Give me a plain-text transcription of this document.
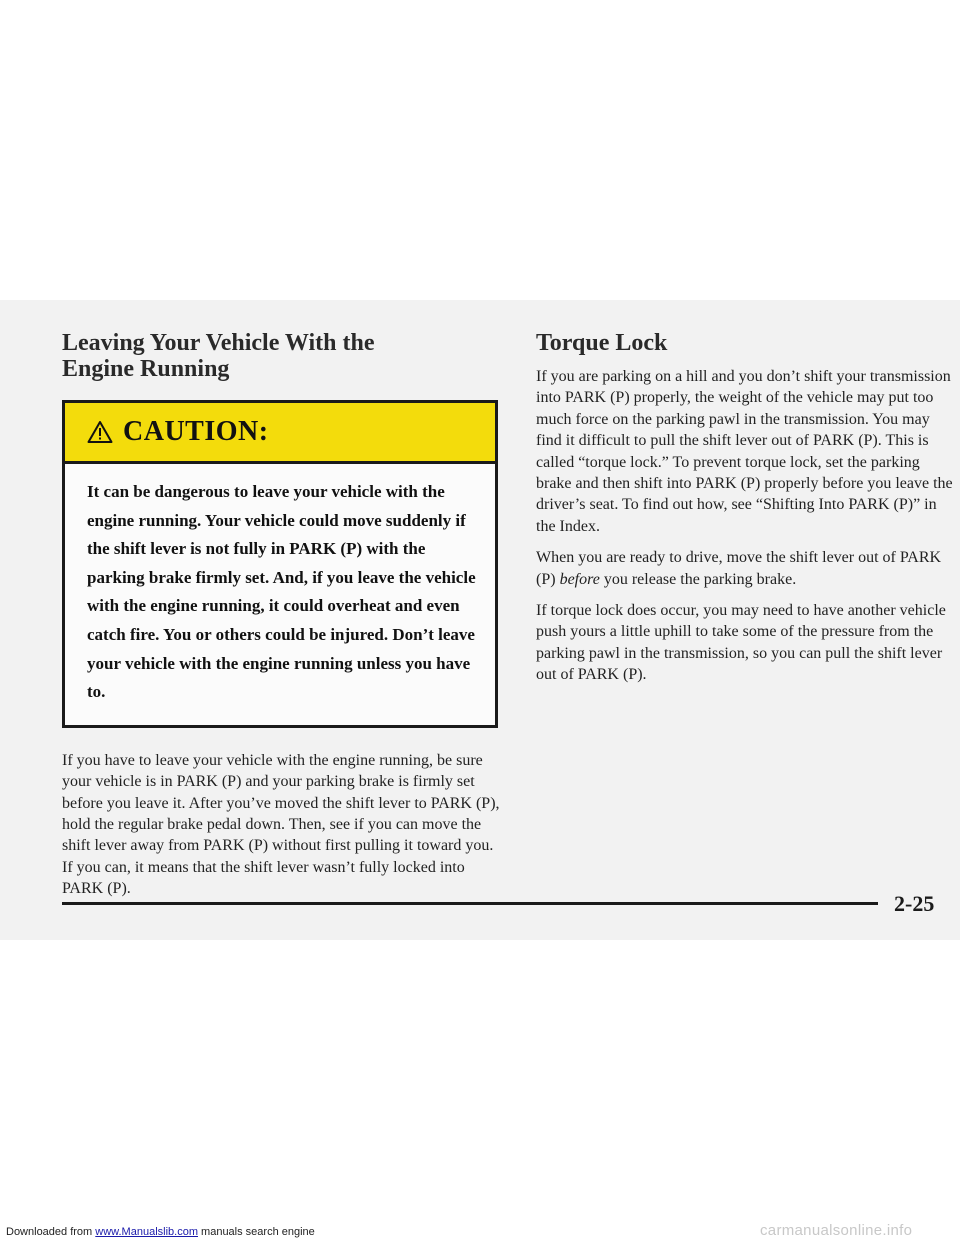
Leaving Your Vehicle With the
Engine Running
CAUTION:
It can be dangerous to leave your vehicle with the engine running. Your vehicle could move suddenly if the shift lever is not fully in PARK (P) with the parking brake firmly set. And, if you leave the vehicle with the engine running, it could overheat and even catch fire. You or others could be injured. Don’t leave your vehicle with the engine running unless you have to.

If you have to leave your vehicle with the engine running, be sure your vehicle is in PARK (P) and your parking brake is firmly set before you leave it. After you’ve moved the shift lever to PARK (P), hold the regular brake pedal down. Then, see if you can move the shift lever away from PARK (P) without first pulling it toward you. If you can, it means that the shift lever wasn’t fully locked into PARK (P).

Torque Lock

If you are parking on a hill and you don’t shift your transmission into PARK (P) properly, the weight of the vehicle may put too much force on the parking pawl in the transmission. You may find it difficult to pull the shift lever out of PARK (P). This is called “torque lock.” To prevent torque lock, set the parking brake and then shift into PARK (P) properly before you leave the driver’s seat. To find out how, see “Shifting Into PARK (P)” in the Index.

When you are ready to drive, move the shift lever out of PARK (P) before you release the parking brake.

If torque lock does occur, you may need to have another vehicle push yours a little uphill to take some of the pressure from the parking pawl in the transmission, so you can pull the shift lever out of PARK (P).

2-25
Downloaded from www.Manualslib.com manuals search engine	carmanualsonline.info
